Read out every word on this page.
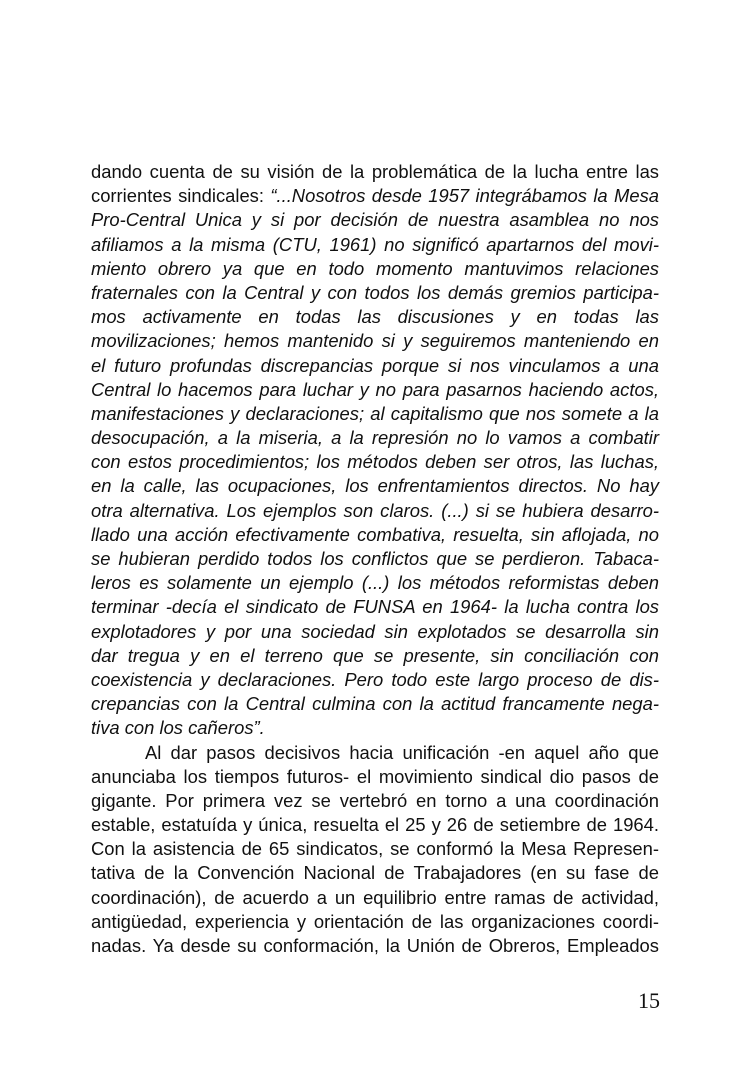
dando cuenta de su visión de la problemática de la lucha entre las
corrientes sindicales: “...Nosotros desde 1957 integrábamos la Mesa
Pro-Central Unica y si por decisión de nuestra asamblea no nos
afiliamos a la misma (CTU, 1961) no significó apartarnos del movi-
miento obrero ya que en todo momento mantuvimos relaciones
fraternales con la Central y con todos los demás gremios participa-
mos activamente en todas las discusiones y en todas las
movilizaciones; hemos mantenido si y seguiremos manteniendo en
el futuro profundas discrepancias porque si nos vinculamos a una
Central lo hacemos para luchar y no para pasarnos haciendo actos,
manifestaciones y declaraciones; al capitalismo que nos somete a la
desocupación, a la miseria, a la represión no lo vamos a combatir
con estos procedimientos; los métodos deben ser otros, las luchas,
en la calle, las ocupaciones, los enfrentamientos directos. No hay
otra alternativa. Los ejemplos son claros. (...) si se hubiera desarro-
llado una acción efectivamente combativa, resuelta, sin aflojada, no
se hubieran perdido todos los conflictos que se perdieron. Tabaca-
leros es solamente un ejemplo (...) los métodos reformistas deben
terminar -decía el sindicato de FUNSA en 1964- la lucha contra los
explotadores y por una sociedad sin explotados se desarrolla sin
dar tregua y en el terreno que se presente, sin conciliación con
coexistencia y declaraciones. Pero todo este largo proceso de dis-
crepancias con la Central culmina con la actitud francamente nega-
tiva con los cañeros”.
Al dar pasos decisivos hacia unificación -en aquel año que
anunciaba los tiempos futuros- el movimiento sindical dio pasos de
gigante. Por primera vez se vertebró en torno a una coordinación
estable, estatuída y única, resuelta el 25 y 26 de setiembre de 1964.
Con la asistencia de 65 sindicatos, se conformó la Mesa Represen-
tativa de la Convención Nacional de Trabajadores (en su fase de
coordinación), de acuerdo a un equilibrio entre ramas de actividad,
antigüedad, experiencia y orientación de las organizaciones coordi-
nadas. Ya desde su conformación, la Unión de Obreros, Empleados
15
